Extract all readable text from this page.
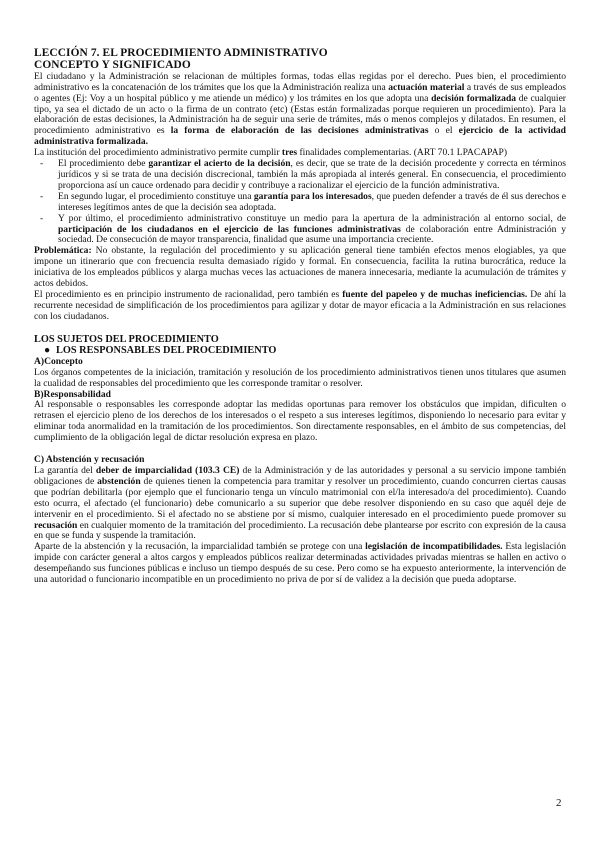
LECCIÓN 7. EL PROCEDIMIENTO ADMINISTRATIVO
CONCEPTO Y SIGNIFICADO

El ciudadano y la Administración se relacionan de múltiples formas, todas ellas regidas por el derecho. Pues bien, el procedimiento administrativo es la concatenación de los trámites que los que la Administración realiza una actuación material a través de sus empleados o agentes (Ej: Voy a un hospital público y me atiende un médico) y los trámites en los que adopta una decisión formalizada de cualquier tipo, ya sea el dictado de un acto o la firma de un contrato (etc) (Estas están formalizadas porque requieren un procedimiento). Para la elaboración de estas decisiones, la Administración ha de seguir una serie de trámites, más o menos complejos y dilatados. En resumen, el procedimiento administrativo es la forma de elaboración de las decisiones administrativas o el ejercicio de la actividad administrativa formalizada.

La institución del procedimiento administrativo permite cumplir tres finalidades complementarias. (ART 70.1 LPACAPAP)

- El procedimiento debe garantizar el acierto de la decisión, es decir, que se trate de la decisión procedente y correcta en términos jurídicos y si se trata de una decisión discrecional, también la más apropiada al interés general. En consecuencia, el procedimiento proporciona así un cauce ordenado para decidir y contribuye a racionalizar el ejercicio de la función administrativa.
- En segundo lugar, el procedimiento constituye una garantía para los interesados, que pueden defender a través de él sus derechos e intereses legítimos antes de que la decisión sea adoptada.
- Y por último, el procedimiento administrativo constituye un medio para la apertura de la administración al entorno social, de participación de los ciudadanos en el ejercicio de las funciones administrativas de colaboración entre Administración y sociedad. De consecución de mayor transparencia, finalidad que asume una importancia creciente.

Problemática: No obstante, la regulación del procedimiento y su aplicación general tiene también efectos menos elogiables, ya que impone un itinerario que con frecuencia resulta demasiado rígido y formal. En consecuencia, facilita la rutina burocrática, reduce la iniciativa de los empleados públicos y alarga muchas veces las actuaciones de manera innecesaria, mediante la acumulación de trámites y actos debidos.

El procedimiento es en principio instrumento de racionalidad, pero también es fuente del papeleo y de muchas ineficiencias. De ahí la recurrente necesidad de simplificación de los procedimientos para agilizar y dotar de mayor eficacia a la Administración en sus relaciones con los ciudadanos.

LOS SUJETOS DEL PROCEDIMIENTO
● LOS RESPONSABLES DEL PROCEDIMIENTO
A)Concepto

Los órganos competentes de la iniciación, tramitación y resolución de los procedimiento administrativos tienen unos titulares que asumen la cualidad de responsables del procedimiento que les corresponde tramitar o resolver.

B)Responsabilidad

Al responsable o responsables les corresponde adoptar las medidas oportunas para remover los obstáculos que impidan, dificulten o retrasen el ejercicio pleno de los derechos de los interesados o el respeto a sus intereses legítimos, disponiendo lo necesario para evitar y eliminar toda anormalidad en la tramitación de los procedimientos. Son directamente responsables, en el ámbito de sus competencias, del cumplimiento de la obligación legal de dictar resolución expresa en plazo.

C) Abstención y recusación

La garantía del deber de imparcialidad (103.3 CE) de la Administración y de las autoridades y personal a su servicio impone también obligaciones de abstención de quienes tienen la competencia para tramitar y resolver un procedimiento, cuando concurren ciertas causas que podrían debilitarla (por ejemplo que el funcionario tenga un vínculo matrimonial con el/la interesado/a del procedimiento). Cuando esto ocurra, el afectado (el funcionario) debe comunicarlo a su superior que debe resolver disponiendo en su caso que aquél deje de intervenir en el procedimiento. Si el afectado no se abstiene por sí mismo, cualquier interesado en el procedimiento puede promover su recusación en cualquier momento de la tramitación del procedimiento. La recusación debe plantearse por escrito con expresión de la causa en que se funda y suspende la tramitación.

Aparte de la abstención y la recusación, la imparcialidad también se protege con una legislación de incompatibilidades. Esta legislación impide con carácter general a altos cargos y empleados públicos realizar determinadas actividades privadas mientras se hallen en activo o desempeñando sus funciones públicas e incluso un tiempo después de su cese. Pero como se ha expuesto anteriormente, la intervención de una autoridad o funcionario incompatible en un procedimiento no priva de por sí de validez a la decisión que pueda adoptarse.

2
